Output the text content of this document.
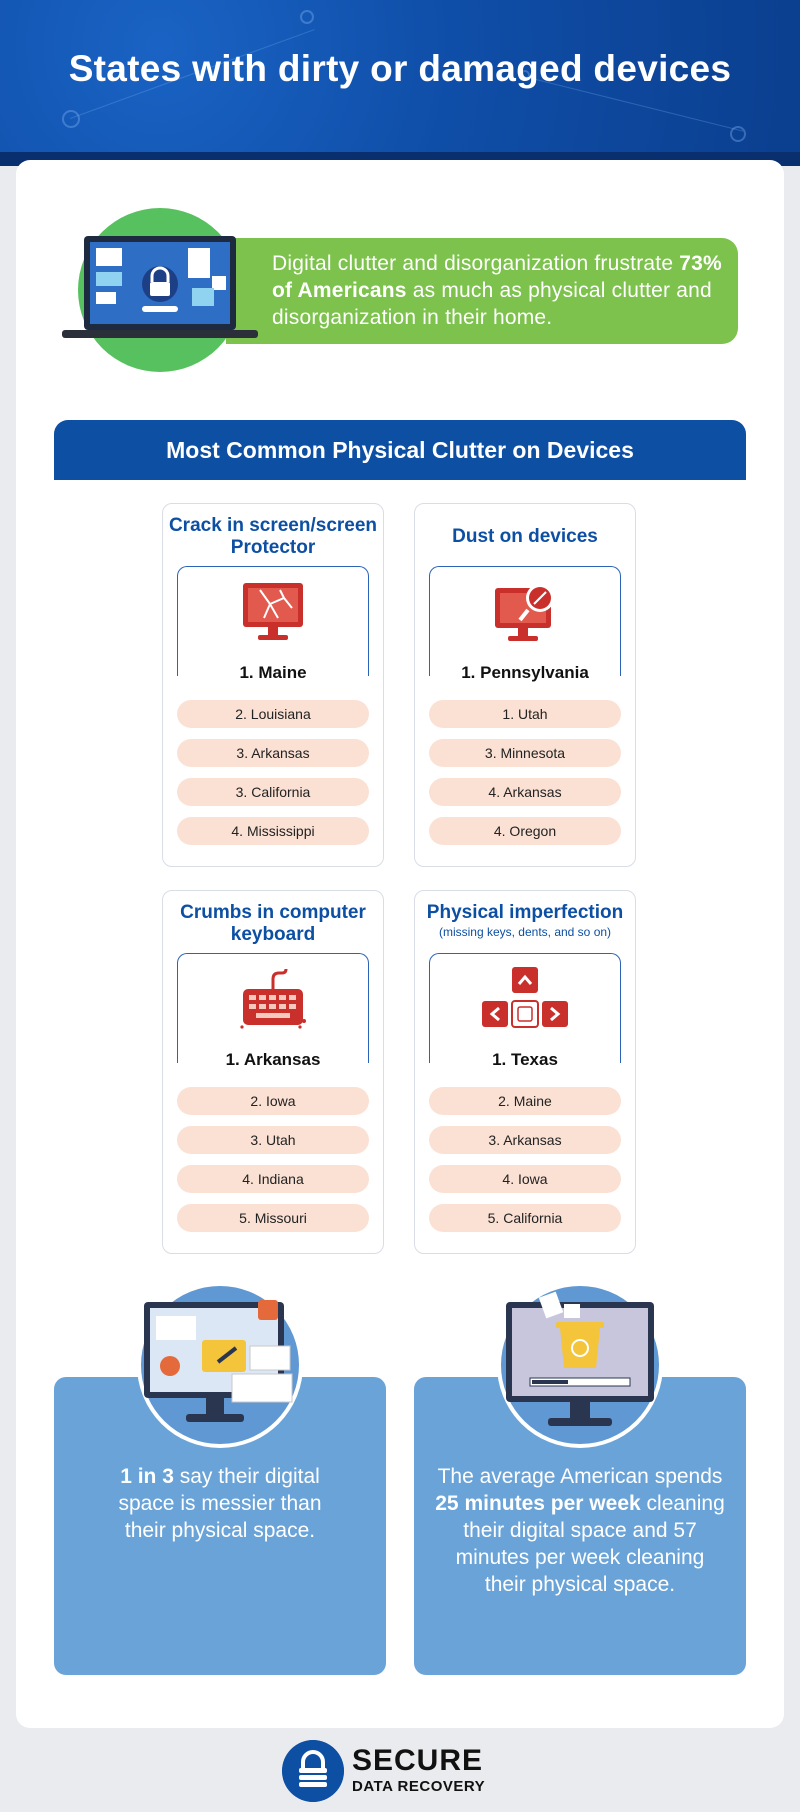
States with dirty or damaged devices
Digital clutter and disorganization frustrate 73% of Americans as much as physical clutter and disorganization in their home.
Most Common Physical Clutter on Devices
Crack in screen/screen Protector
1. Maine
2. Louisiana
3. Arkansas
3. California
4. Mississippi
Dust on devices
1. Pennsylvania
1. Utah
3. Minnesota
4. Arkansas
4. Oregon
Crumbs in computer keyboard
1. Arkansas
2. Iowa
3. Utah
4. Indiana
5. Missouri
Physical imperfection
(missing keys, dents, and so on)
1. Texas
2. Maine
3. Arkansas
4. Iowa
5. California
1 in 3 say their digital space is messier than their physical space.
The average American spends 25 minutes per week cleaning their digital space and 57 minutes per week cleaning their physical space.
SECURE
DATA RECOVERY
